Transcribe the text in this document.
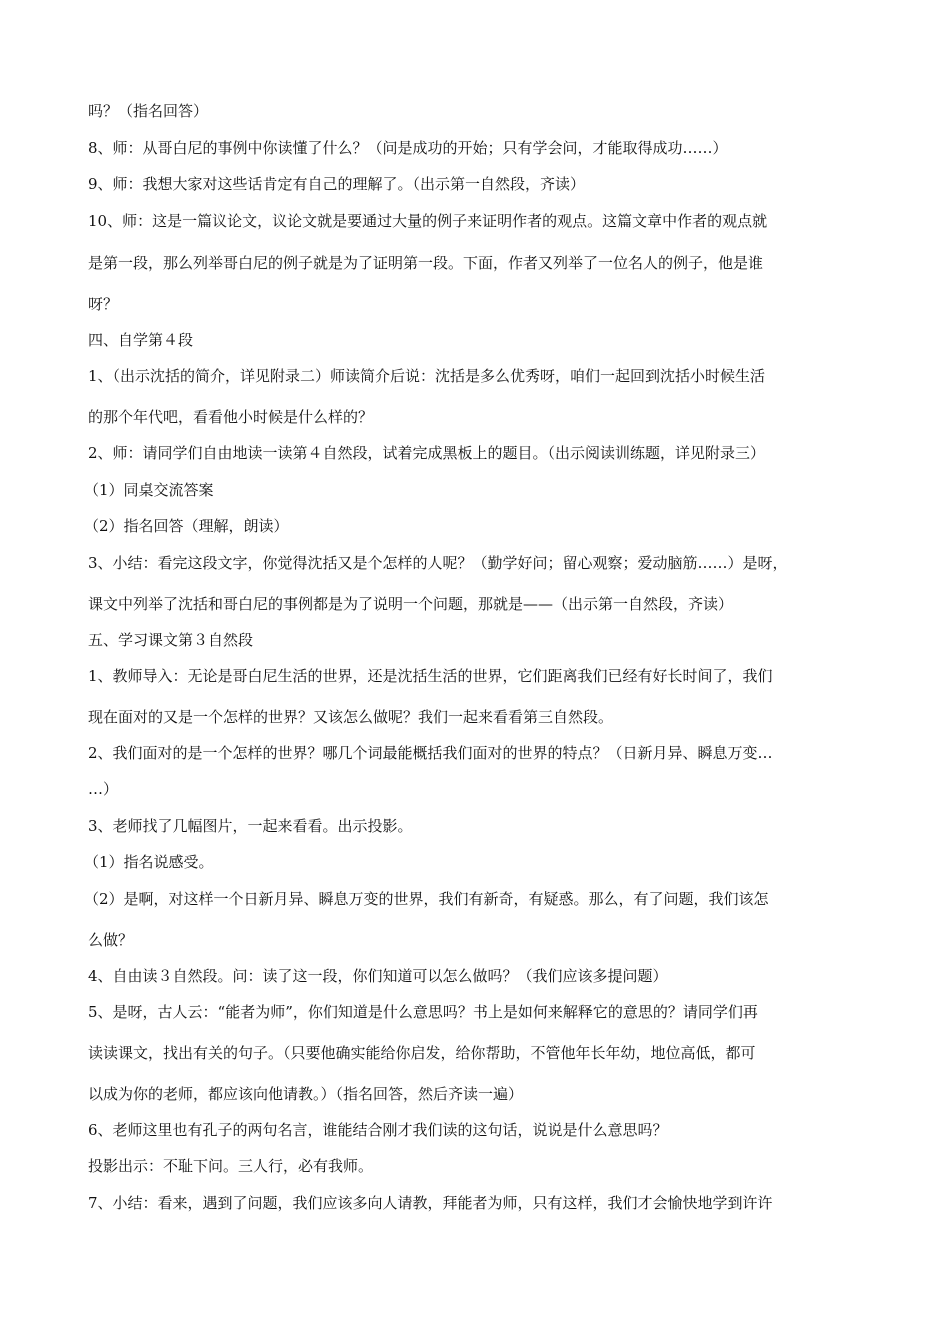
吗？（指名回答）
8、师：从哥白尼的事例中你读懂了什么？（问是成功的开始；只有学会问，才能取得成功……）
9、师：我想大家对这些话肯定有自己的理解了。（出示第一自然段，齐读）
10、师：这是一篇议论文，议论文就是要通过大量的例子来证明作者的观点。这篇文章中作者的观点就
是第一段，那么列举哥白尼的例子就是为了证明第一段。下面，作者又列举了一位名人的例子，他是谁
呀？
四、自学第４段
1、（出示沈括的简介，详见附录二）师读简介后说：沈括是多么优秀呀，咱们一起回到沈括小时候生活
的那个年代吧，看看他小时候是什么样的？
2、师：请同学们自由地读一读第４自然段，试着完成黑板上的题目。（出示阅读训练题，详见附录三）
（1）同桌交流答案
（2）指名回答（理解，朗读）
3、小结：看完这段文字，你觉得沈括又是个怎样的人呢？（勤学好问；留心观察；爱动脑筋……）是呀，
课文中列举了沈括和哥白尼的事例都是为了说明一个问题，那就是——（出示第一自然段，齐读）
五、学习课文第３自然段
1、教师导入：无论是哥白尼生活的世界，还是沈括生活的世界，它们距离我们已经有好长时间了，我们
现在面对的又是一个怎样的世界？又该怎么做呢？我们一起来看看第三自然段。
2、我们面对的是一个怎样的世界？哪几个词最能概括我们面对的世界的特点？（日新月异、瞬息万变…
…）
3、老师找了几幅图片，一起来看看。出示投影。
（1）指名说感受。
（2）是啊，对这样一个日新月异、瞬息万变的世界，我们有新奇，有疑惑。那么，有了问题，我们该怎
么做？
4、自由读３自然段。问：读了这一段，你们知道可以怎么做吗？（我们应该多提问题）
5、是呀，古人云：“能者为师”，你们知道是什么意思吗？书上是如何来解释它的意思的？请同学们再
读读课文，找出有关的句子。（只要他确实能给你启发，给你帮助，不管他年长年幼，地位高低，都可
以成为你的老师，都应该向他请教。）（指名回答，然后齐读一遍）
6、老师这里也有孔子的两句名言，谁能结合刚才我们读的这句话，说说是什么意思吗？
投影出示：不耻下问。三人行，必有我师。
7、小结：看来，遇到了问题，我们应该多向人请教，拜能者为师，只有这样，我们才会愉快地学到许许
